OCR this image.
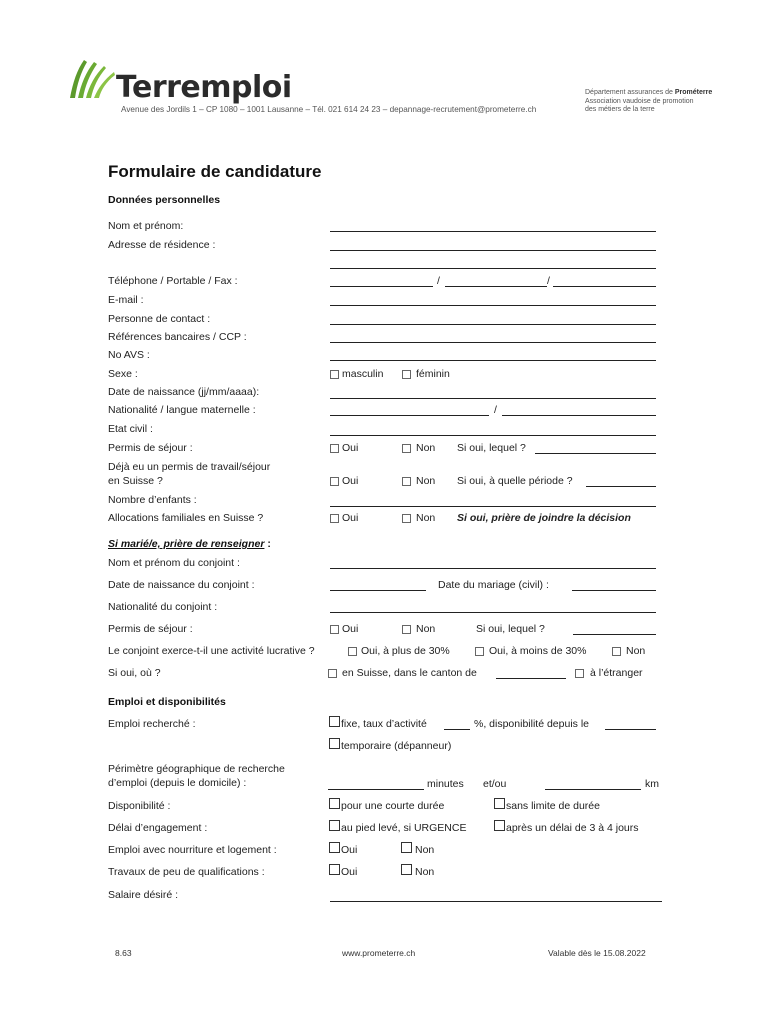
Terremploi
Avenue des Jordils 1 – CP 1080 – 1001 Lausanne – Tél. 021 614 24 23 – depannage-recrutement@prometerre.ch
Département assurances de Prométerre
Association vaudoise de promotion
des métiers de la terre
Formulaire de candidature
Données personnelles
Nom et prénom:
Adresse de résidence :
Téléphone / Portable / Fax :	/	/
E-mail :
Personne de contact :
Références bancaires / CCP :
No AVS :
Sexe :	masculin	féminin
Date de naissance (jj/mm/aaaa):
Nationalité / langue maternelle :	/
Etat civil :
Permis de séjour :	Oui	Non Si oui, lequel ?
Déjà eu un permis de travail/séjour
en Suisse ?	Oui	Non Si oui, à quelle période ?
Nombre d’enfants :
Allocations familiales en Suisse ?	Oui	Non Si oui, prière de joindre la décision
Si marié/e, prière de renseigner :
Nom et prénom du conjoint :
Date de naissance du conjoint :	Date du mariage (civil) :
Nationalité du conjoint :
Permis de séjour :	Oui	Non	Si oui, lequel ?
Le conjoint exerce-t-il une activité lucrative ?	Oui, à plus de 30%	Oui, à moins de 30%	Non
Si oui, où ?	en Suisse, dans le canton de	à l’étranger
Emploi et disponibilités
Emploi recherché :	fixe, taux d’activité	%, disponibilité depuis le
temporaire (dépanneur)
Périmètre géographique de recherche
d’emploi (depuis le domicile) :	minutes et/ou	km
Disponibilité :	pour une courte durée	sans limite de durée
Délai d’engagement :	au pied levé, si URGENCE	après un délai de 3 à 4 jours
Emploi avec nourriture et logement :	Oui	Non
Travaux de peu de qualifications :	Oui	Non
Salaire désiré :
8.63	www.prometerre.ch	Valable dès le 15.08.2022
